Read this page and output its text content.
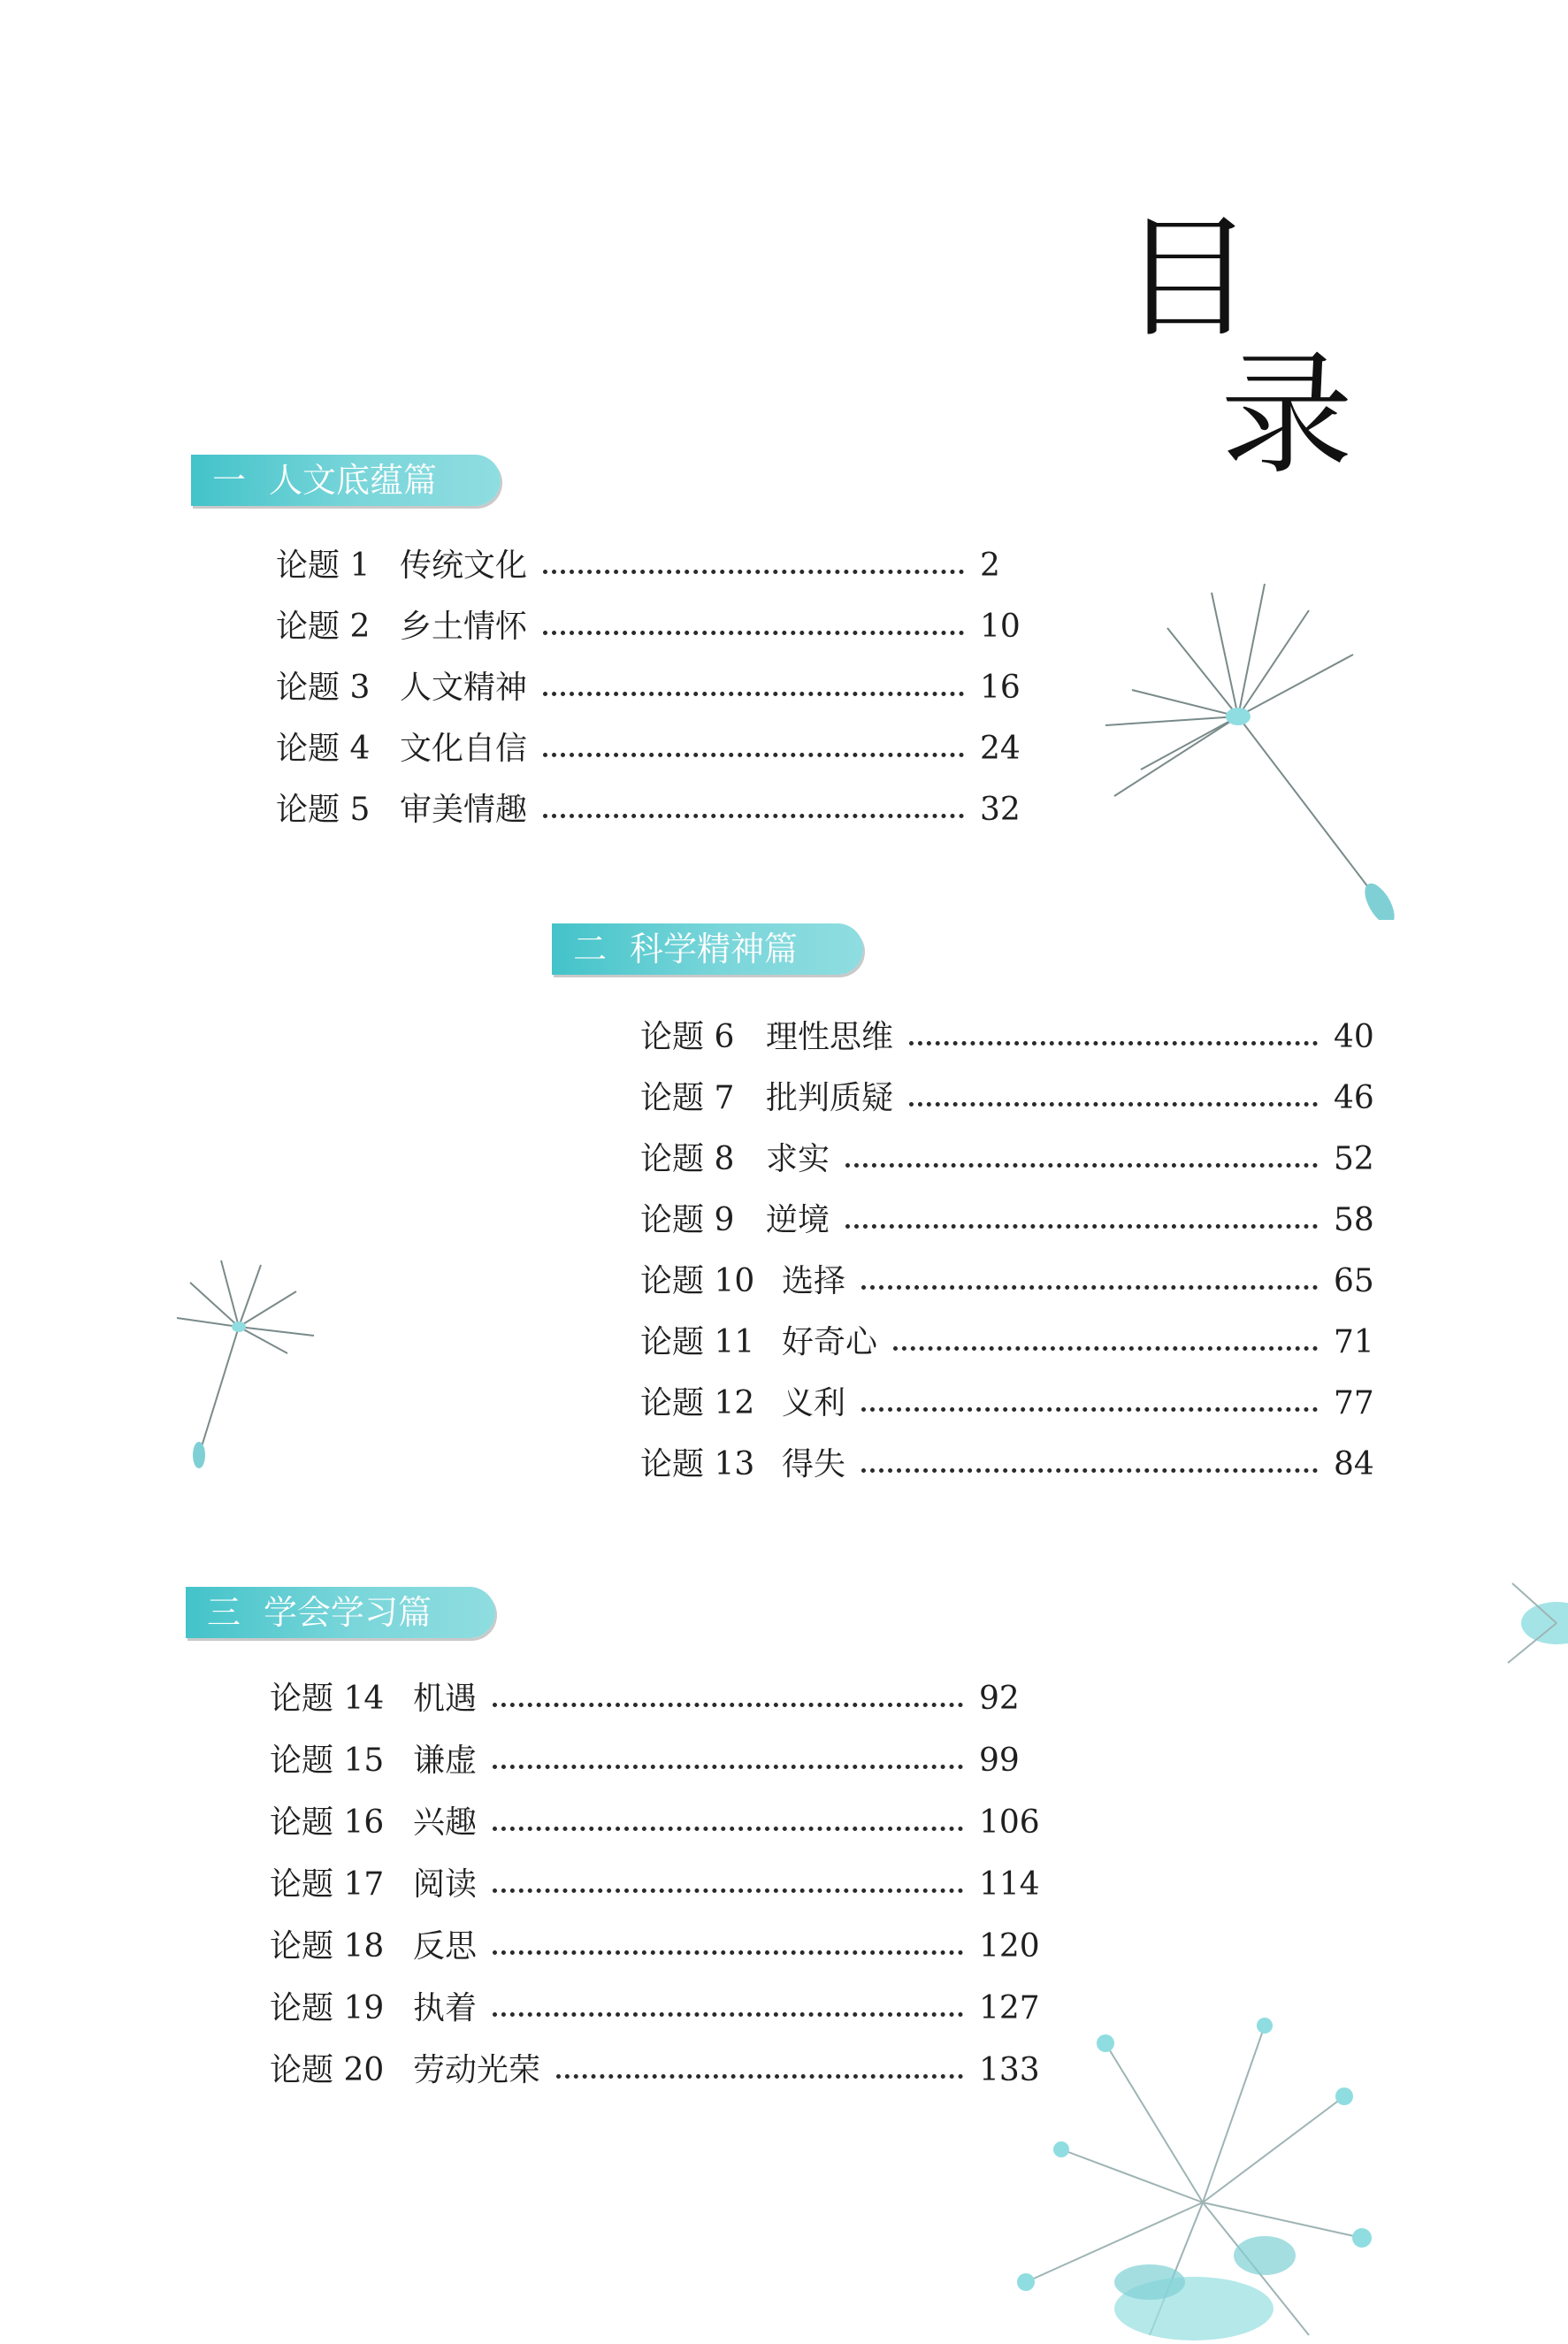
目
录
一 人文底蕴篇
二 科学精神篇
三 学会学习篇
论题 1 传统文化	2
论题 2 乡土情怀	10
论题 3 人文精神	16
论题 4 文化自信	24
论题 5 审美情趣	32
论题 6 理性思维	40
论题 7 批判质疑	46
论题 8 求实	52
论题 9 逆境	58
论题 10 选择	65
论题 11 好奇心	71
论题 12 义利	77
论题 13 得失	84
论题 14 机遇	92
论题 15 谦虚	99
论题 16 兴趣	106
论题 17 阅读	114
论题 18 反思	120
论题 19 执着	127
论题 20 劳动光荣	133
